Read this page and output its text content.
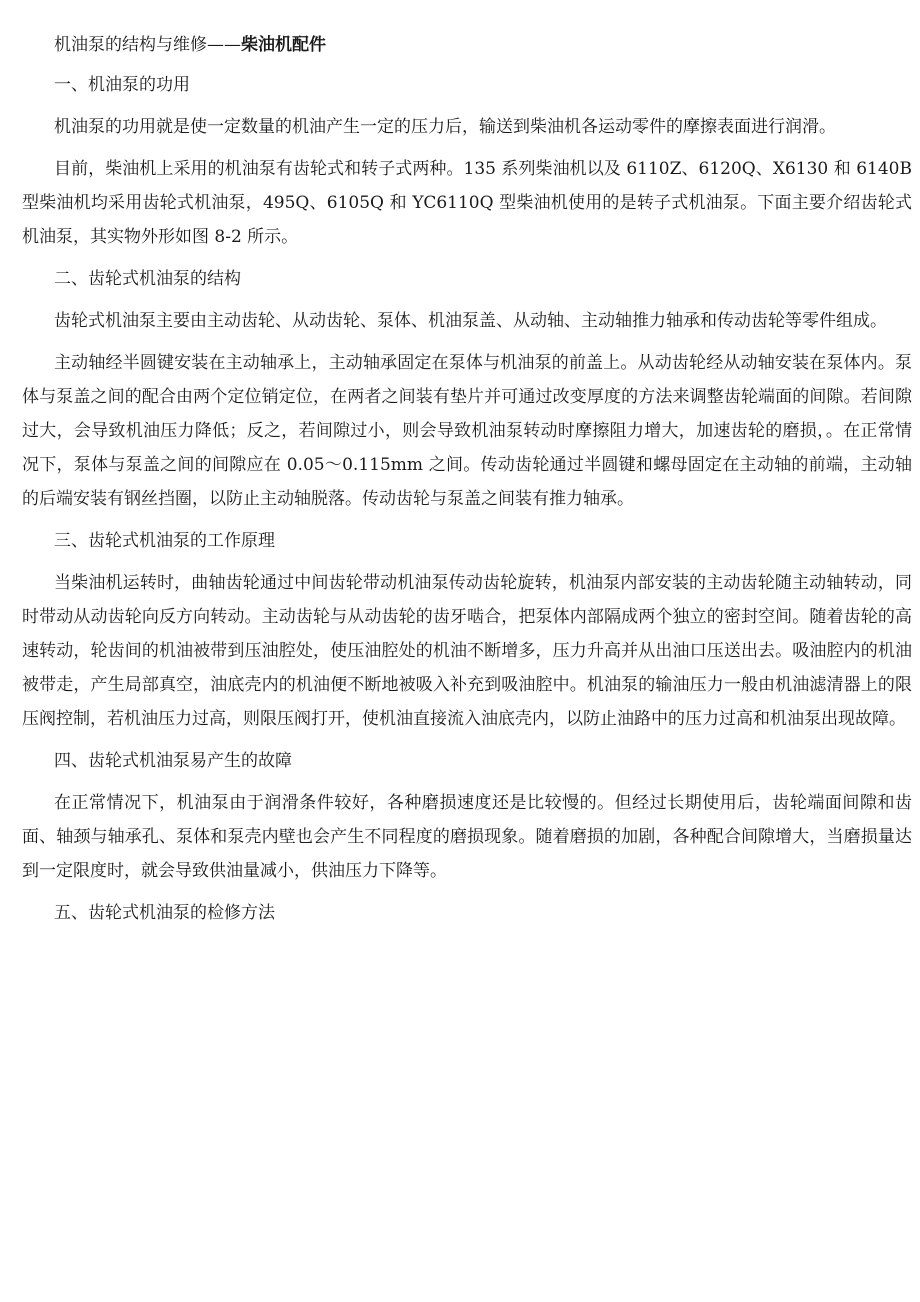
机油泵的结构与维修——柴油机配件
一、机油泵的功用

机油泵的功用就是使一定数量的机油产生一定的压力后，输送到柴油机各运动零件的摩擦表面进行润滑。

目前，柴油机上采用的机油泵有齿轮式和转子式两种。135 系列柴油机以及 6110Z、6120Q、X6130 和 6140B 型柴油机均采用齿轮式机油泵，495Q、6105Q 和 YC6110Q 型柴油机使用的是转子式机油泵。下面主要介绍齿轮式机油泵，其实物外形如图 8-2 所示。

二、齿轮式机油泵的结构

齿轮式机油泵主要由主动齿轮、从动齿轮、泵体、机油泵盖、从动轴、主动轴推力轴承和传动齿轮等零件组成。

主动轴经半圆键安装在主动轴承上，主动轴承固定在泵体与机油泵的前盖上。从动齿轮经从动轴安装在泵体内。泵体与泵盖之间的配合由两个定位销定位，在两者之间装有垫片并可通过改变厚度的方法来调整齿轮端面的间隙。若间隙过大，会导致机油压力降低；反之，若间隙过小，则会导致机油泵转动时摩擦阻力增大，加速齿轮的磨损，。在正常情况下，泵体与泵盖之间的间隙应在 0.05～0.115mm 之间。传动齿轮通过半圆键和螺母固定在主动轴的前端，主动轴的后端安装有钢丝挡圈，以防止主动轴脱落。传动齿轮与泵盖之间装有推力轴承。

三、齿轮式机油泵的工作原理

当柴油机运转时，曲轴齿轮通过中间齿轮带动机油泵传动齿轮旋转，机油泵内部安装的主动齿轮随主动轴转动，同时带动从动齿轮向反方向转动。主动齿轮与从动齿轮的齿牙啮合，把泵体内部隔成两个独立的密封空间。随着齿轮的高速转动，轮齿间的机油被带到压油腔处，使压油腔处的机油不断增多，压力升高并从出油口压送出去。吸油腔内的机油被带走，产生局部真空，油底壳内的机油便不断地被吸入补充到吸油腔中。机油泵的输油压力一般由机油滤清器上的限压阀控制，若机油压力过高，则限压阀打开，使机油直接流入油底壳内，以防止油路中的压力过高和机油泵出现故障。

四、齿轮式机油泵易产生的故障

在正常情况下，机油泵由于润滑条件较好，各种磨损速度还是比较慢的。但经过长期使用后，齿轮端面间隙和齿面、轴颈与轴承孔、泵体和泵壳内壁也会产生不同程度的磨损现象。随着磨损的加剧，各种配合间隙增大，当磨损量达到一定限度时，就会导致供油量减小，供油压力下降等。

五、齿轮式机油泵的检修方法
